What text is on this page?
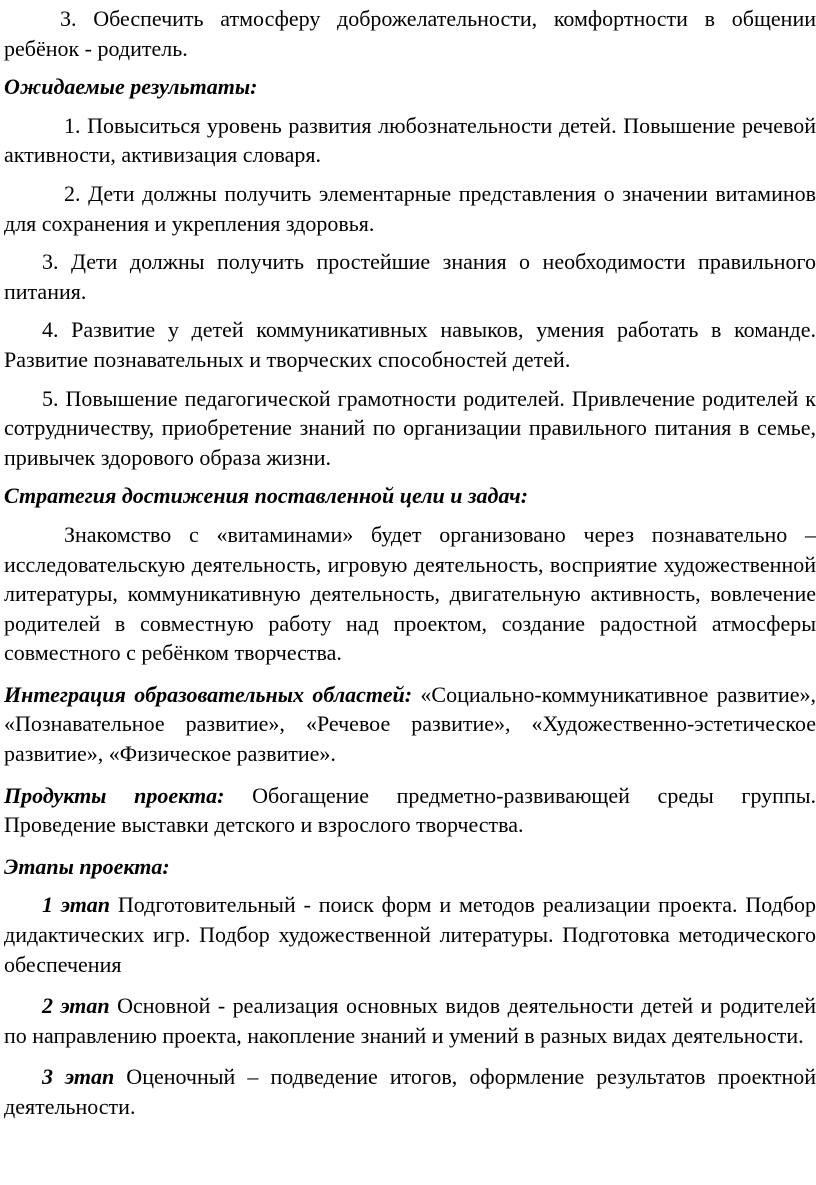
3. Обеспечить атмосферу доброжелательности, комфортности в общении ребёнок - родитель.

Ожидаемые результаты:

1. Повыситься уровень развития любознательности детей. Повышение речевой активности, активизация словаря.

2. Дети должны получить элементарные представления о значении витаминов для сохранения и укрепления здоровья.

3. Дети должны получить простейшие знания о необходимости правильного питания.

4. Развитие у детей коммуникативных навыков, умения работать в команде. Развитие познавательных и творческих способностей детей.

5. Повышение педагогической грамотности родителей. Привлечение родителей к сотрудничеству, приобретение знаний по организации правильного питания в семье, привычек здорового образа жизни.

Стратегия достижения поставленной цели и задач:

Знакомство с «витаминами» будет организовано через познавательно – исследовательскую деятельность, игровую деятельность, восприятие художественной литературы, коммуникативную деятельность, двигательную активность, вовлечение родителей в совместную работу над проектом, создание радостной атмосферы совместного с ребёнком творчества.

Интеграция образовательных областей: «Социально-коммуникативное развитие», «Познавательное развитие», «Речевое развитие», «Художественно-эстетическое развитие», «Физическое развитие».

Продукты проекта: Обогащение предметно-развивающей среды группы. Проведение выставки детского и взрослого творчества.

Этапы проекта:

1 этап Подготовительный - поиск форм и методов реализации проекта. Подбор дидактических игр. Подбор художественной литературы. Подготовка методического обеспечения

2 этап Основной - реализация основных видов деятельности детей и родителей по направлению проекта, накопление знаний и умений в разных видах деятельности.

3 этап Оценочный – подведение итогов, оформление результатов проектной деятельности.
